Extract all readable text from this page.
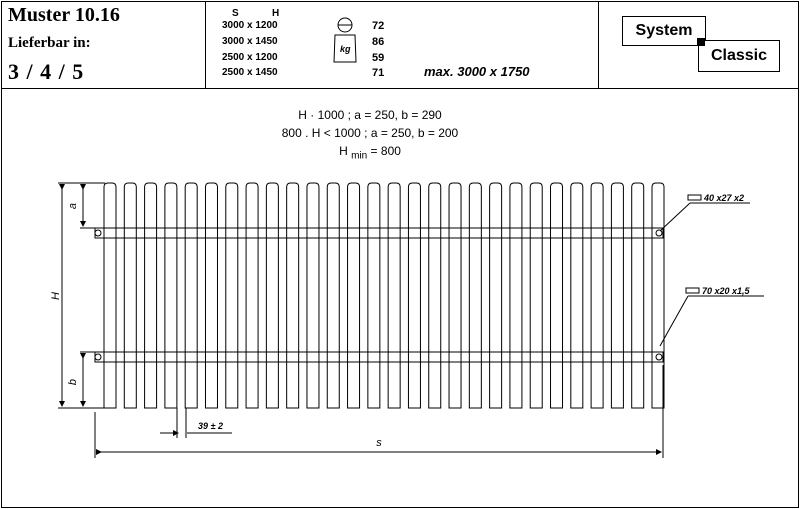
Muster 10.16
Lieferbar in:
3 / 4 / 5
S	H
3000 x 1200
3000 x 1450
2500 x 1200
2500 x 1450
72
86
59
71	max. 3000 x 1750
System
Classic
H · 1000 ; a = 250, b = 290
800 . H < 1000 ; a = 250, b = 200
H $_{min}$ = 800
kg
H
a
b
s
39 ± 2
40 x27 x2
70 x20 x1,5
